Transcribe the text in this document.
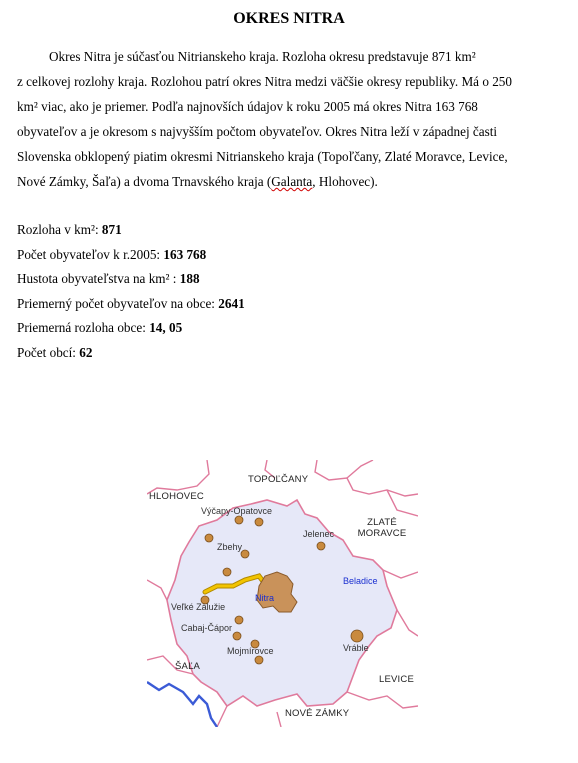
OKRES NITRA
Okres Nitra je súčasťou Nitrianskeho kraja. Rozloha okresu predstavuje 871 km²
z celkovej rozlohy kraja. Rozlohou patrí okres Nitra medzi väčšie okresy republiky. Má o 250
km² viac, ako je priemer. Podľa najnovších údajov k roku 2005 má okres Nitra 163 768
obyvateľov a je okresom s najvyšším počtom obyvateľov. Okres Nitra leží v západnej časti
Slovenska obklopený piatim okresmi Nitrianskeho kraja (Topoľčany, Zlaté Moravce, Levice,
Nové Zámky, Šaľa) a dvoma Trnavského kraja (Galanta, Hlohovec).
Rozloha v km²: 871
Počet obyvateľov k r.2005: 163 768
Hustota obyvateľstva na km² : 188
Priemerný počet obyvateľov na obce: 2641
Priemerná rozloha obce: 14, 05
Počet obcí: 62
TOPOĽČANY
HLOHOVEC
ZLATÉ
MORAVCE
ŠAĽA
LEVICE
NOVÉ ZÁMKY
Výčapy-Opatovce
Zbehy
Jelenec
Beladice
Nitra
Veľké Zálužie
Cabaj-Čápor
Mojmírovce	Vráble
